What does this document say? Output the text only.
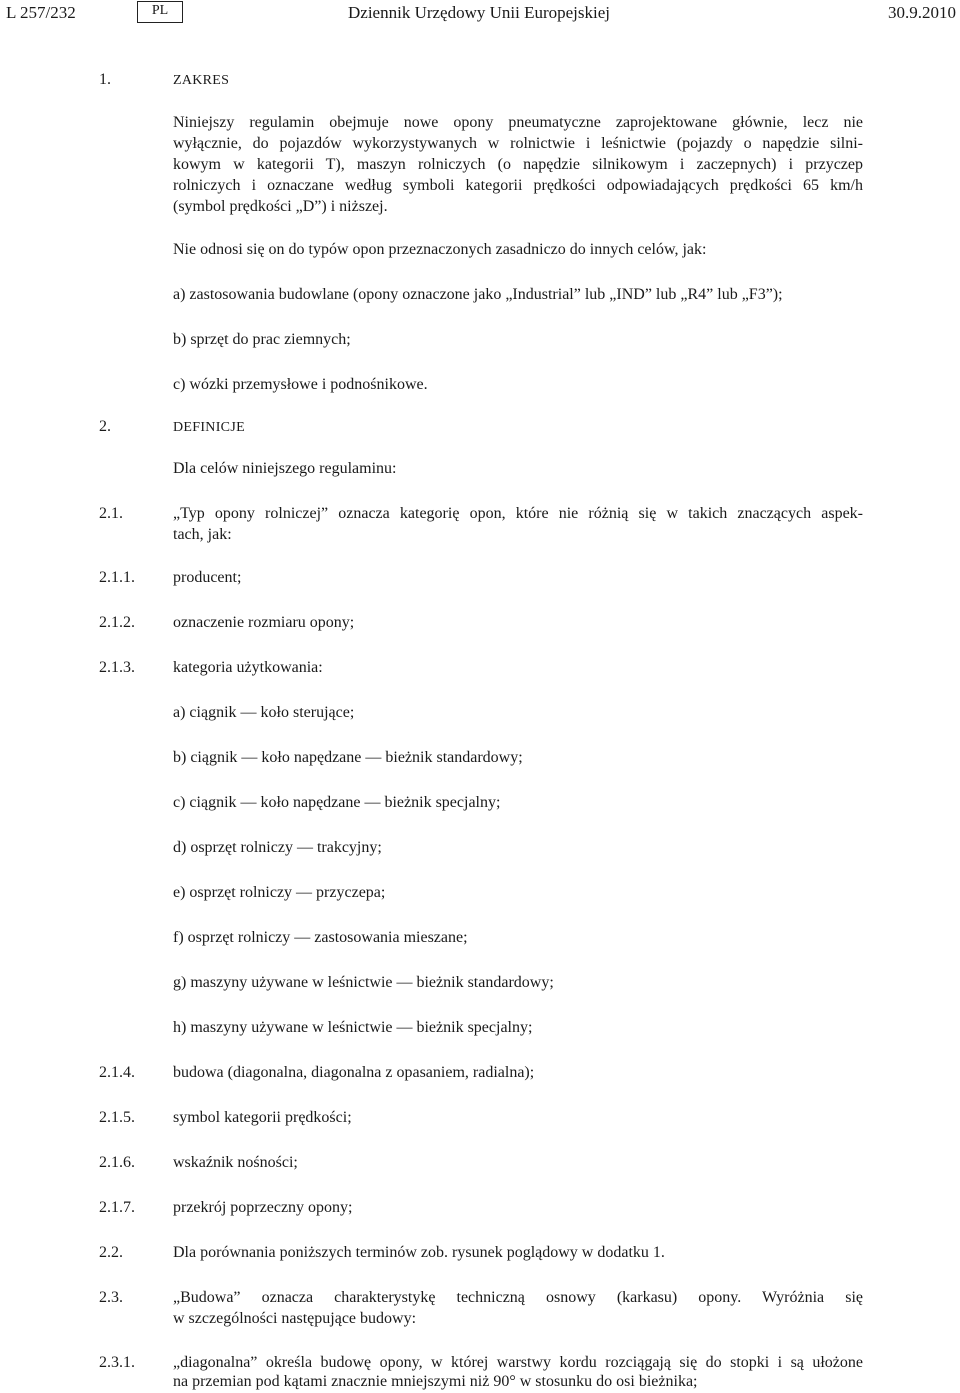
L 257/232	PL	Dziennik Urzędowy Unii Europejskiej	30.9.2010
1.	ZAKRES
Niniejszy regulamin obejmuje nowe opony pneumatyczne zaprojektowane głównie, lecz nie
wyłącznie, do pojazdów wykorzystywanych w rolnictwie i leśnictwie (pojazdy o napędzie silni-
kowym w kategorii T), maszyn rolniczych (o napędzie silnikowym i zaczepnych) i przyczep
rolniczych i oznaczane według symboli kategorii prędkości odpowiadających prędkości 65 km/h
(symbol prędkości „D”) i niższej.
Nie odnosi się on do typów opon przeznaczonych zasadniczo do innych celów, jak:
a) zastosowania budowlane (opony oznaczone jako „Industrial” lub „IND” lub „R4” lub „F3”);
b) sprzęt do prac ziemnych;
c) wózki przemysłowe i podnośnikowe.
2.	DEFINICJE
Dla celów niniejszego regulaminu:
2.1.	„Typ opony rolniczej” oznacza kategorię opon, które nie różnią się w takich znaczących aspek-
tach, jak:
2.1.1. producent;
2.1.2. oznaczenie rozmiaru opony;
2.1.3. kategoria użytkowania:
a) ciągnik — koło sterujące;
b) ciągnik — koło napędzane — bieżnik standardowy;
c) ciągnik — koło napędzane — bieżnik specjalny;
d) osprzęt rolniczy — trakcyjny;
e) osprzęt rolniczy — przyczepa;
f) osprzęt rolniczy — zastosowania mieszane;
g) maszyny używane w leśnictwie — bieżnik standardowy;
h) maszyny używane w leśnictwie — bieżnik specjalny;
2.1.4. budowa (diagonalna, diagonalna z opasaniem, radialna);
2.1.5. symbol kategorii prędkości;
2.1.6. wskaźnik nośności;
2.1.7. przekrój poprzeczny opony;
2.2.	Dla porównania poniższych terminów zob. rysunek poglądowy w dodatku 1.
2.3.	„Budowa” oznacza charakterystykę techniczną osnowy (karkasu) opony. Wyróżnia się
w szczególności następujące budowy:
2.3.1. „diagonalna” określa budowę opony, w której warstwy kordu rozciągają się do stopki i są ułożone
na przemian pod kątami znacznie mniejszymi niż 90° w stosunku do osi bieżnika;
